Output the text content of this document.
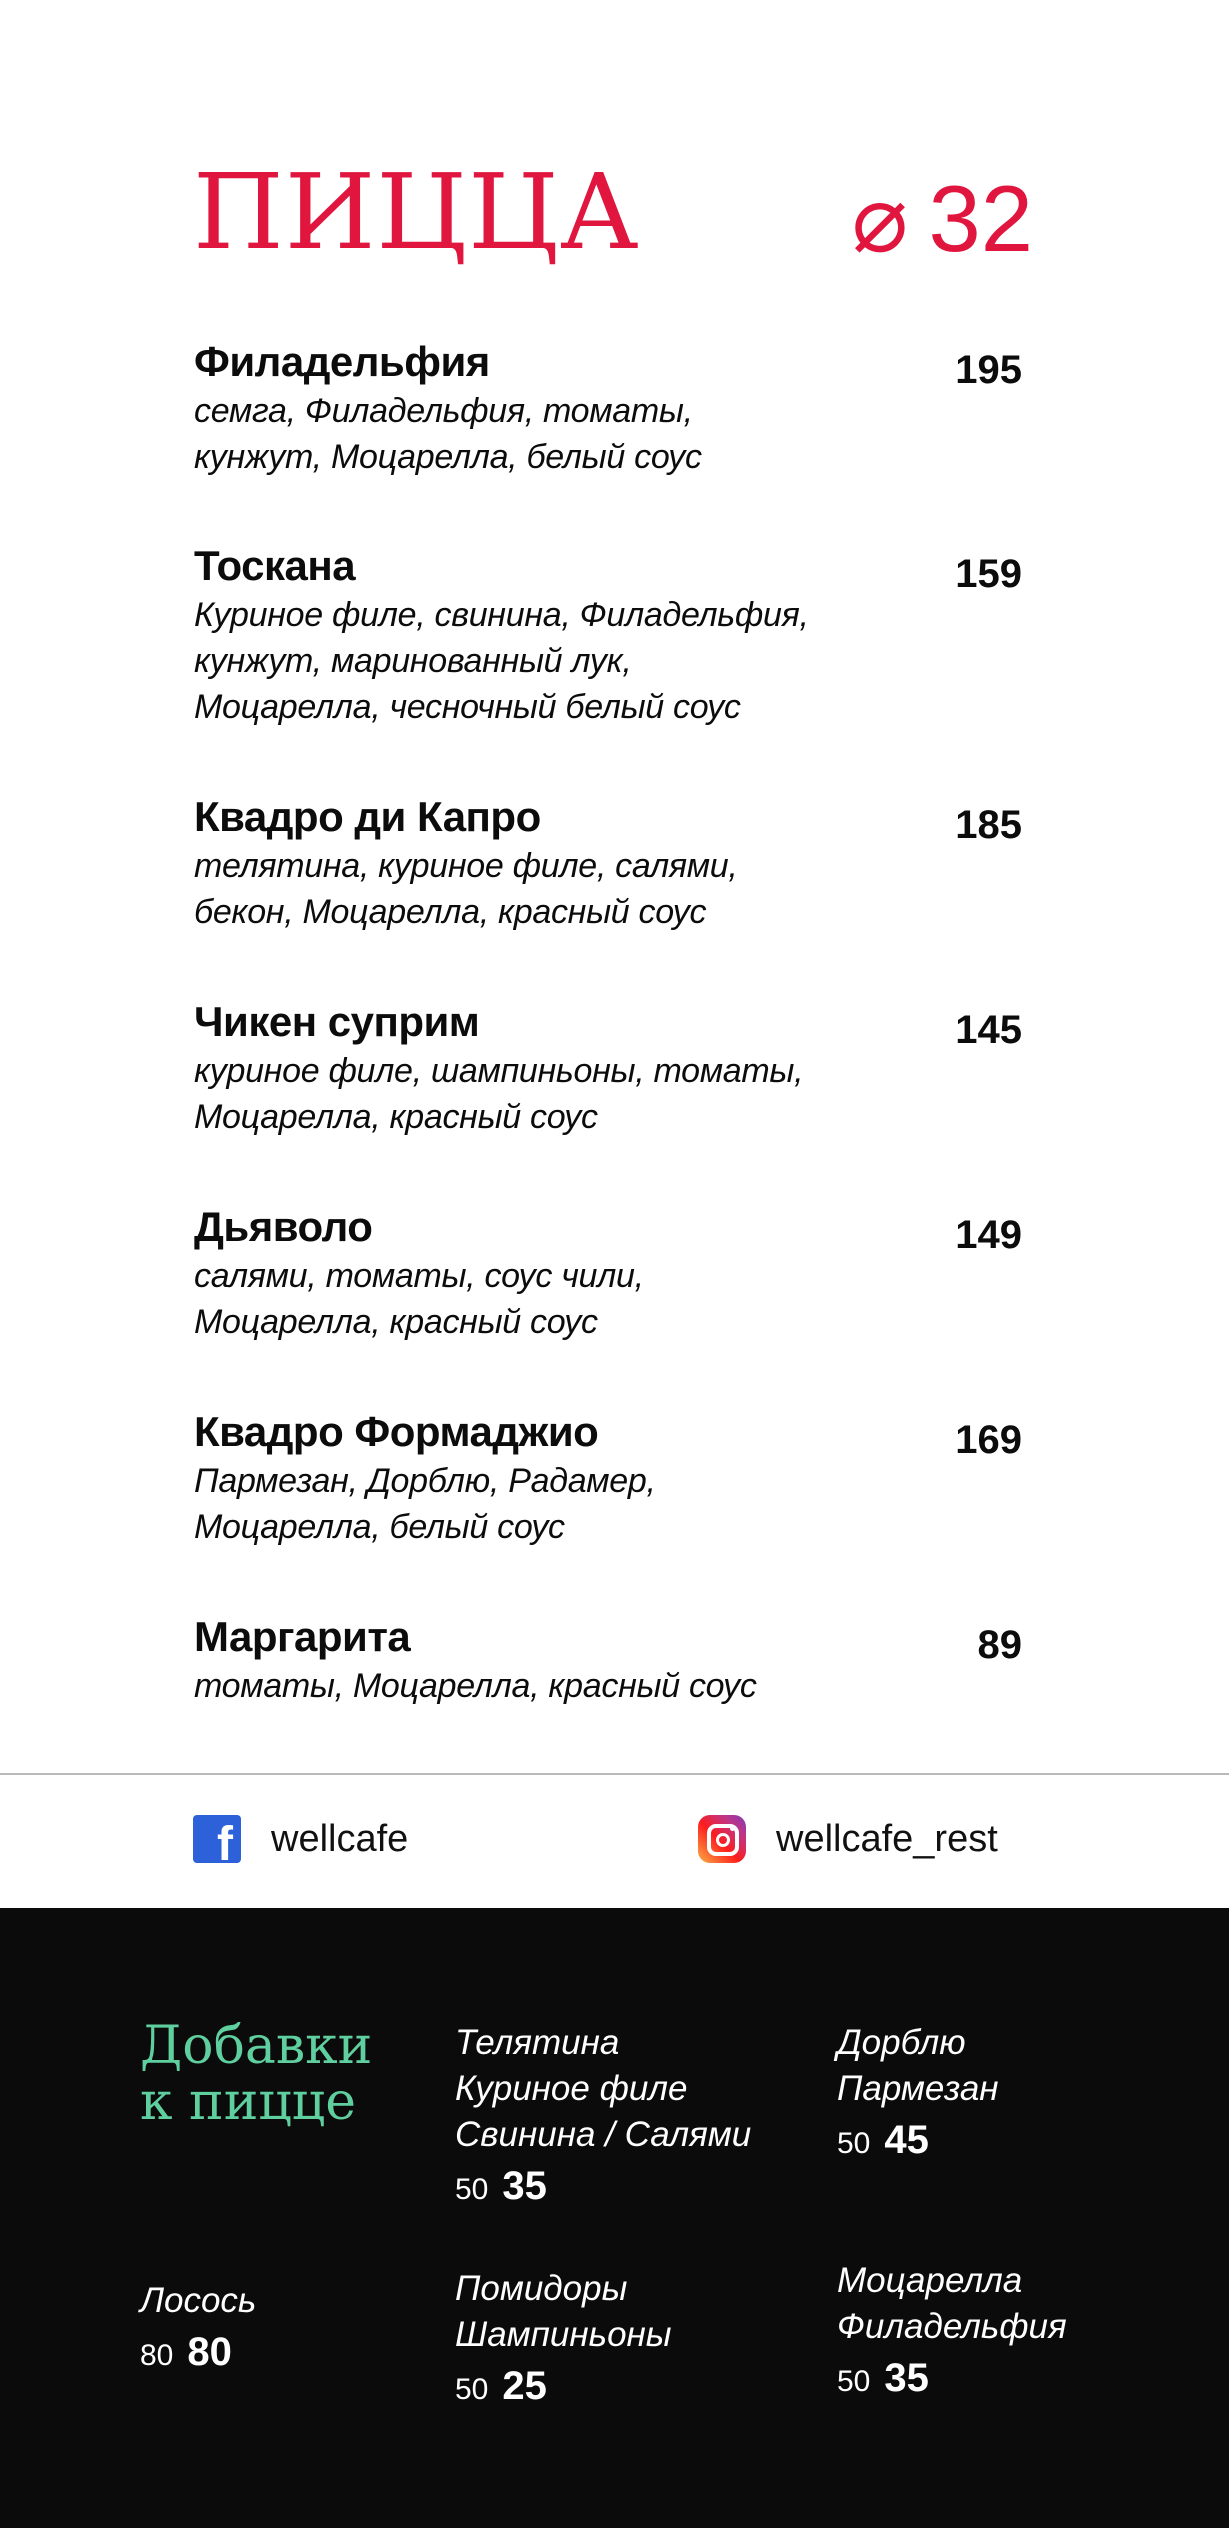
ПИЦЦА ⌀ 32
Филадельфия
семга, Филадельфия, томаты,
кунжут, Моцарелла, белый соус
195
Тоскана
Куриное филе, свинина, Филадельфия,
кунжут, маринованный лук,
Моцарелла, чесночный белый соус
159
Квадро ди Капро
телятина, куриное филе, салями,
бекон, Моцарелла, красный соус
185
Чикен суприм
куриное филе, шампиньоны, томаты,
Моцарелла, красный соус
145
Дьяволо
салями, томаты, соус чили,
Моцарелла, красный соус
149
Квадро Формаджио
Пармезан, Дорблю, Радамер,
Моцарелла, белый соус
169
Маргарита
томаты, Моцарелла, красный соус
89
f wellcafe	wellcafe_rest
Добавки
к пицце
Телятина
Куриное филе
Свинина / Салями
50 35
Дорблю
Пармезан
50 45
Лосось
80 80
Помидоры
Шампиньоны
50 25
Моцарелла
Филадельфия
50 35
